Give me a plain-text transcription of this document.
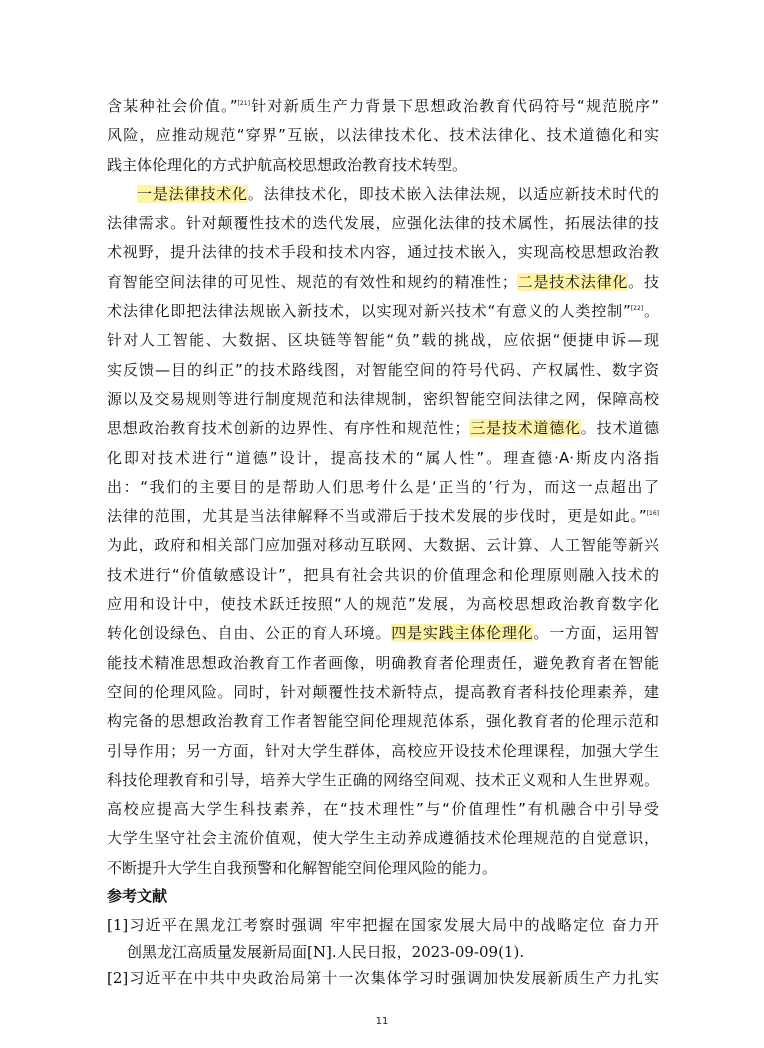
含某种社会价值。”[21]针对新质生产力背景下思想政治教育代码符号“规范脱序”
风险，应推动规范“穿界”互嵌，以法律技术化、技术法律化、技术道德化和实
践主体伦理化的方式护航高校思想政治教育技术转型。
一是法律技术化。法律技术化，即技术嵌入法律法规，以适应新技术时代的
法律需求。针对颠覆性技术的迭代发展，应强化法律的技术属性，拓展法律的技
术视野，提升法律的技术手段和技术内容，通过技术嵌入，实现高校思想政治教
育智能空间法律的可见性、规范的有效性和规约的精准性；二是技术法律化。技
术法律化即把法律法规嵌入新技术，以实现对新兴技术“有意义的人类控制”[22]。
针对人工智能、大数据、区块链等智能“负”载的挑战，应依据“便捷申诉—现
实反馈—目的纠正”的技术路线图，对智能空间的符号代码、产权属性、数字资
源以及交易规则等进行制度规范和法律规制，密织智能空间法律之网，保障高校
思想政治教育技术创新的边界性、有序性和规范性；三是技术道德化。技术道德
化即对技术进行“道德”设计，提高技术的“属人性”。理查德·A·斯皮内洛指
出：“我们的主要目的是帮助人们思考什么是‘正当的’行为，而这一点超出了
法律的范围，尤其是当法律解释不当或滞后于技术发展的步伐时，更是如此。”[16]
为此，政府和相关部门应加强对移动互联网、大数据、云计算、人工智能等新兴
技术进行“价值敏感设计”，把具有社会共识的价值理念和伦理原则融入技术的
应用和设计中，使技术跃迁按照“人的规范”发展，为高校思想政治教育数字化
转化创设绿色、自由、公正的育人环境。四是实践主体伦理化。一方面，运用智
能技术精准思想政治教育工作者画像，明确教育者伦理责任，避免教育者在智能
空间的伦理风险。同时，针对颠覆性技术新特点，提高教育者科技伦理素养，建
构完备的思想政治教育工作者智能空间伦理规范体系，强化教育者的伦理示范和
引导作用；另一方面，针对大学生群体，高校应开设技术伦理课程，加强大学生
科技伦理教育和引导，培养大学生正确的网络空间观、技术正义观和人生世界观。
高校应提高大学生科技素养，在“技术理性”与“价值理性”有机融合中引导受
大学生坚守社会主流价值观，使大学生主动养成遵循技术伦理规范的自觉意识，
不断提升大学生自我预警和化解智能空间伦理风险的能力。
参考文献
[1]习近平在黑龙江考察时强调 牢牢把握在国家发展大局中的战略定位 奋力开
创黑龙江高质量发展新局面[N].人民日报，2023-09-09(1).
[2]习近平在中共中央政治局第十一次集体学习时强调加快发展新质生产力扎实
11
